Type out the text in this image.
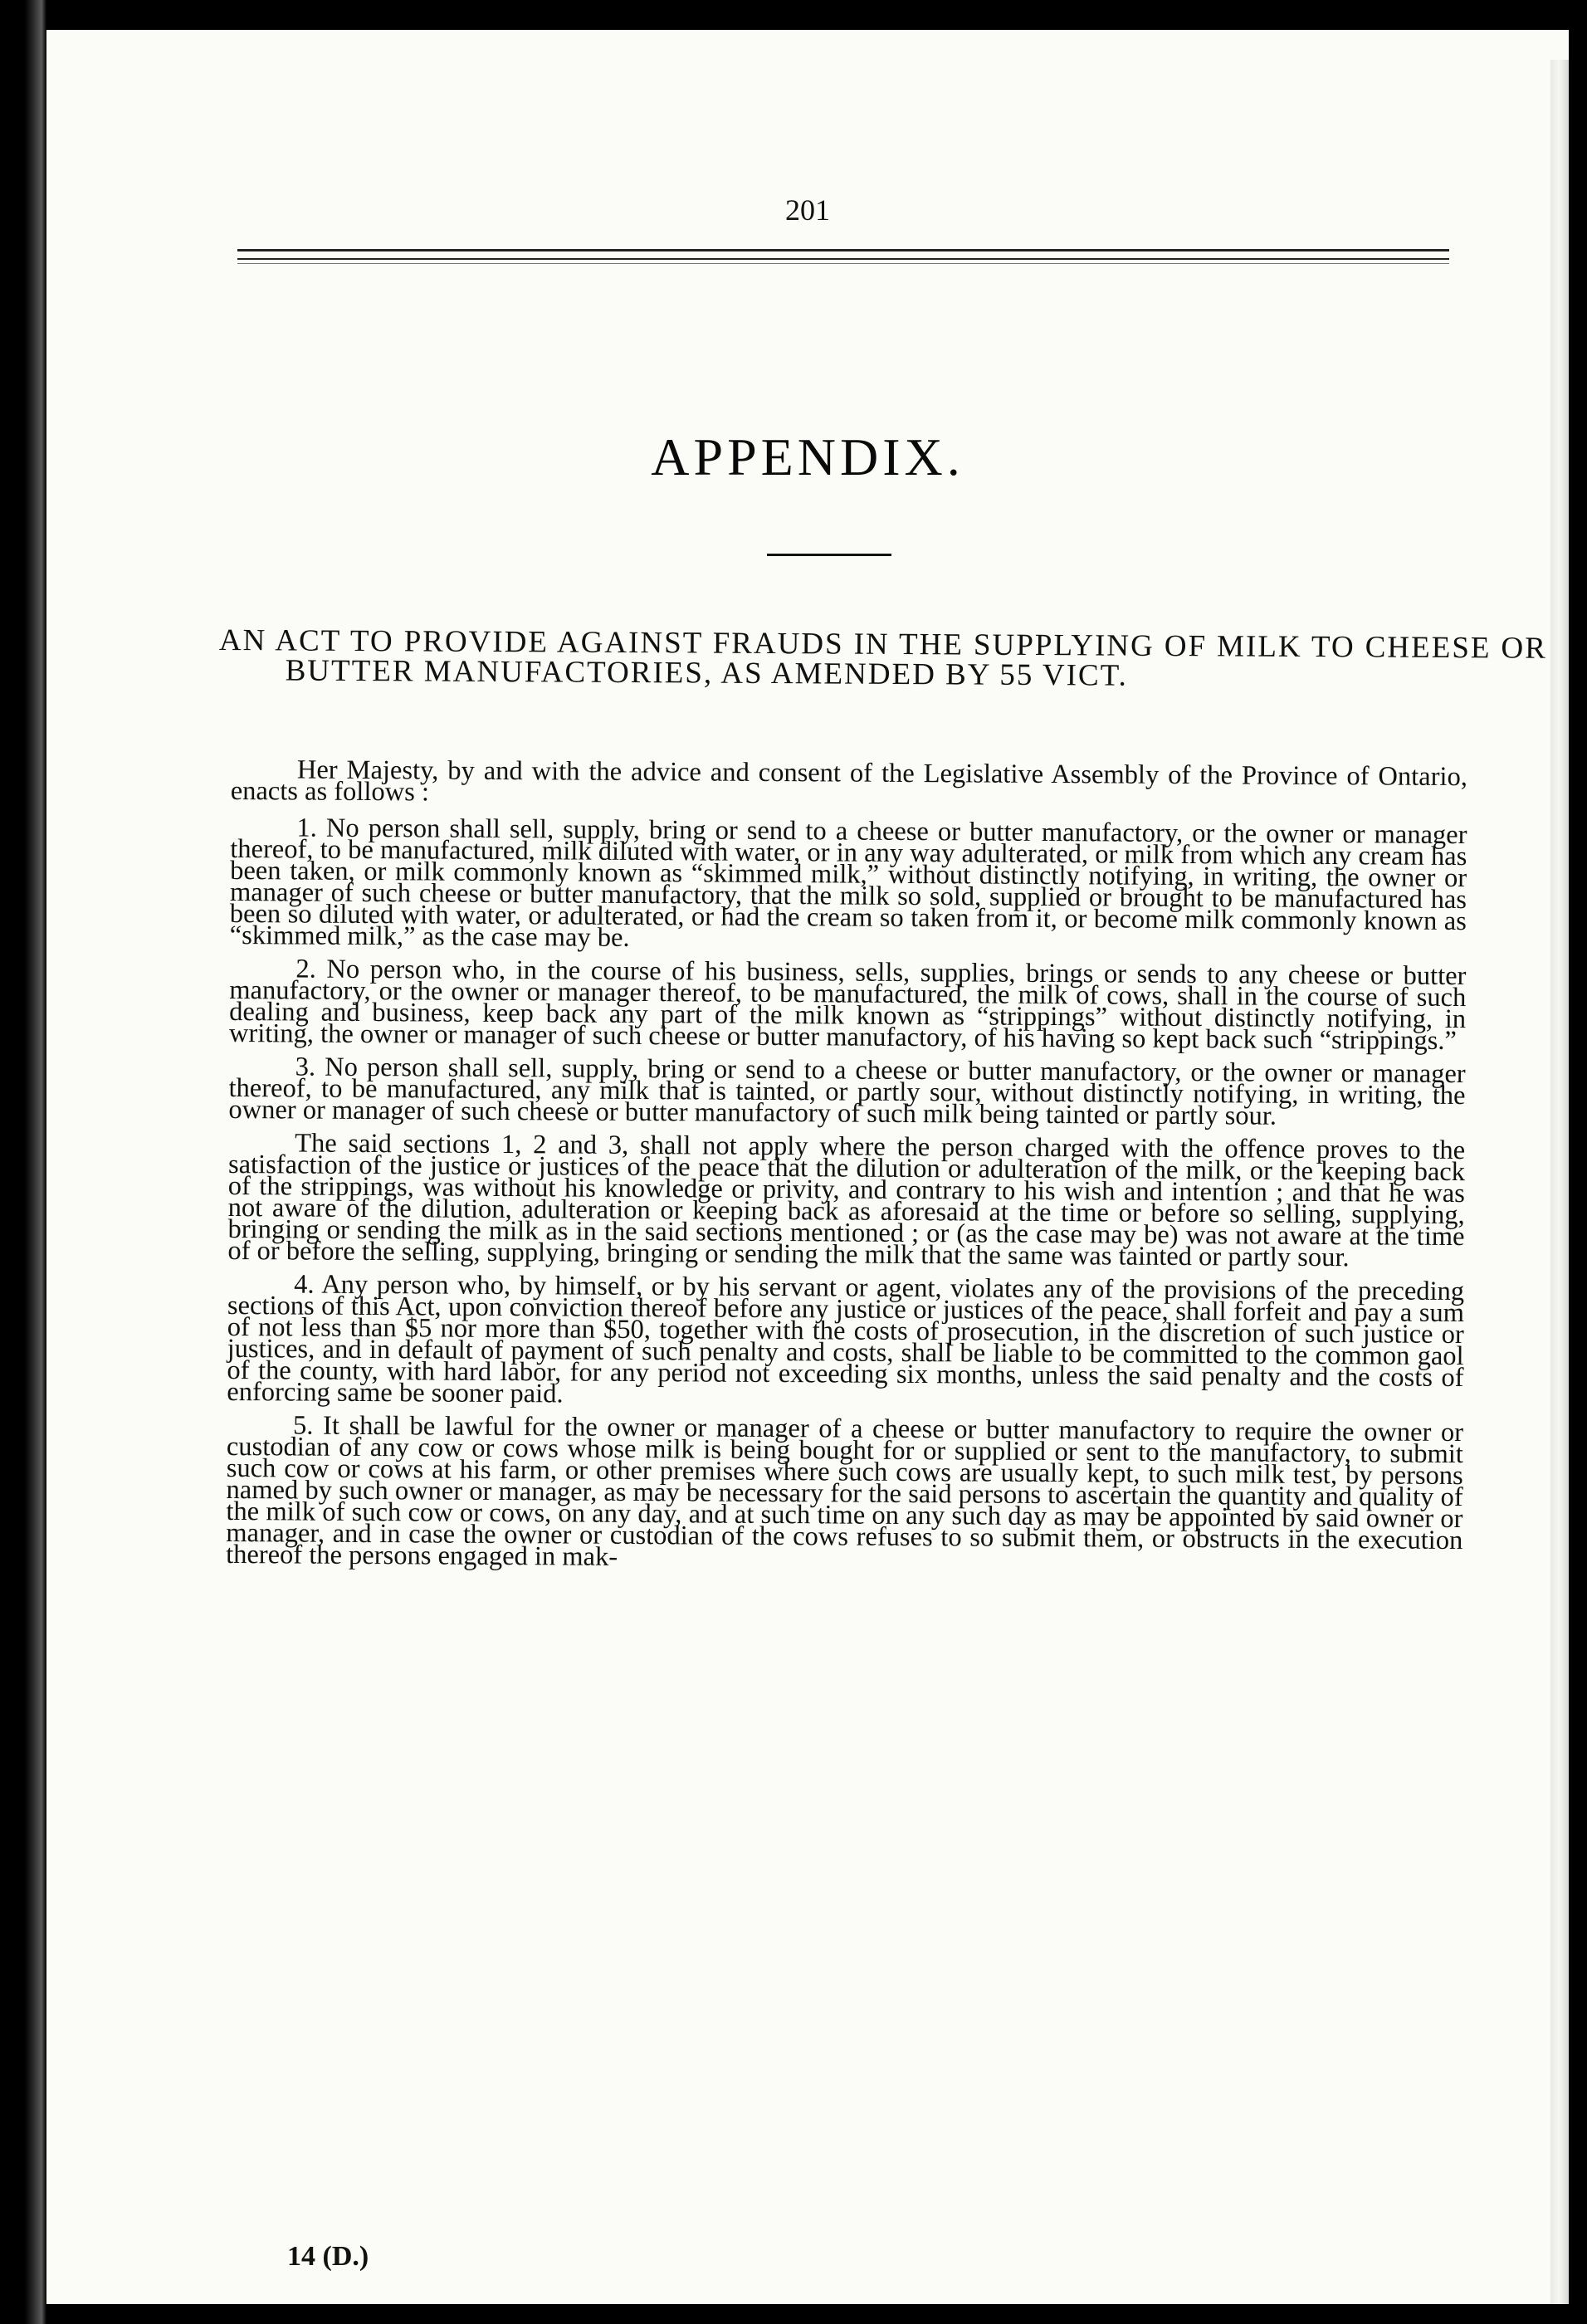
201
APPENDIX.
AN ACT TO PROVIDE AGAINST FRAUDS IN THE SUPPLYING OF MILK TO CHEESE OR BUTTER MANUFACTORIES, AS AMENDED BY 55 VICT.

Her Majesty, by and with the advice and consent of the Legislative Assembly of the Province of Ontario, enacts as follows :

1. No person shall sell, supply, bring or send to a cheese or butter manufactory, or the owner or manager thereof, to be manufactured, milk diluted with water, or in any way adulterated, or milk from which any cream has been taken, or milk commonly known as “skimmed milk,” without distinctly notifying, in writing, the owner or manager of such cheese or butter manufactory, that the milk so sold, supplied or brought to be manufactured has been so diluted with water, or adulterated, or had the cream so taken from it, or become milk commonly known as “skimmed milk,” as the case may be.

2. No person who, in the course of his business, sells, supplies, brings or sends to any cheese or butter manufactory, or the owner or manager thereof, to be manufactured, the milk of cows, shall in the course of such dealing and business, keep back any part of the milk known as “strippings” without distinctly notifying, in writing, the owner or manager of such cheese or butter manufactory, of his having so kept back such “strippings.”

3. No person shall sell, supply, bring or send to a cheese or butter manufactory, or the owner or manager thereof, to be manufactured, any milk that is tainted, or partly sour, without distinctly notifying, in writing, the owner or manager of such cheese or butter manufactory of such milk being tainted or partly sour.

The said sections 1, 2 and 3, shall not apply where the person charged with the offence proves to the satisfaction of the justice or justices of the peace that the dilution or adulteration of the milk, or the keeping back of the strippings, was without his knowledge or privity, and contrary to his wish and intention ; and that he was not aware of the dilution, adulteration or keeping back as aforesaid at the time or before so selling, supplying, bringing or sending the milk as in the said sections mentioned ; or (as the case may be) was not aware at the time of or before the selling, supplying, bringing or sending the milk that the same was tainted or partly sour.

4. Any person who, by himself, or by his servant or agent, violates any of the provisions of the preceding sections of this Act, upon conviction thereof before any justice or justices of the peace, shall forfeit and pay a sum of not less than $5 nor more than $50, together with the costs of prosecution, in the discretion of such justice or justices, and in default of payment of such penalty and costs, shall be liable to be committed to the common gaol of the county, with hard labor, for any period not exceeding six months, unless the said penalty and the costs of enforcing same be sooner paid.

5. It shall be lawful for the owner or manager of a cheese or butter manufactory to require the owner or custodian of any cow or cows whose milk is being bought for or supplied or sent to the manufactory, to submit such cow or cows at his farm, or other premises where such cows are usually kept, to such milk test, by persons named by such owner or manager, as may be necessary for the said persons to ascertain the quantity and quality of the milk of such cow or cows, on any day, and at such time on any such day as may be appointed by said owner or manager, and in case the owner or custodian of the cows refuses to so submit them, or obstructs in the execution thereof the persons engaged in mak-

14 (D.)
